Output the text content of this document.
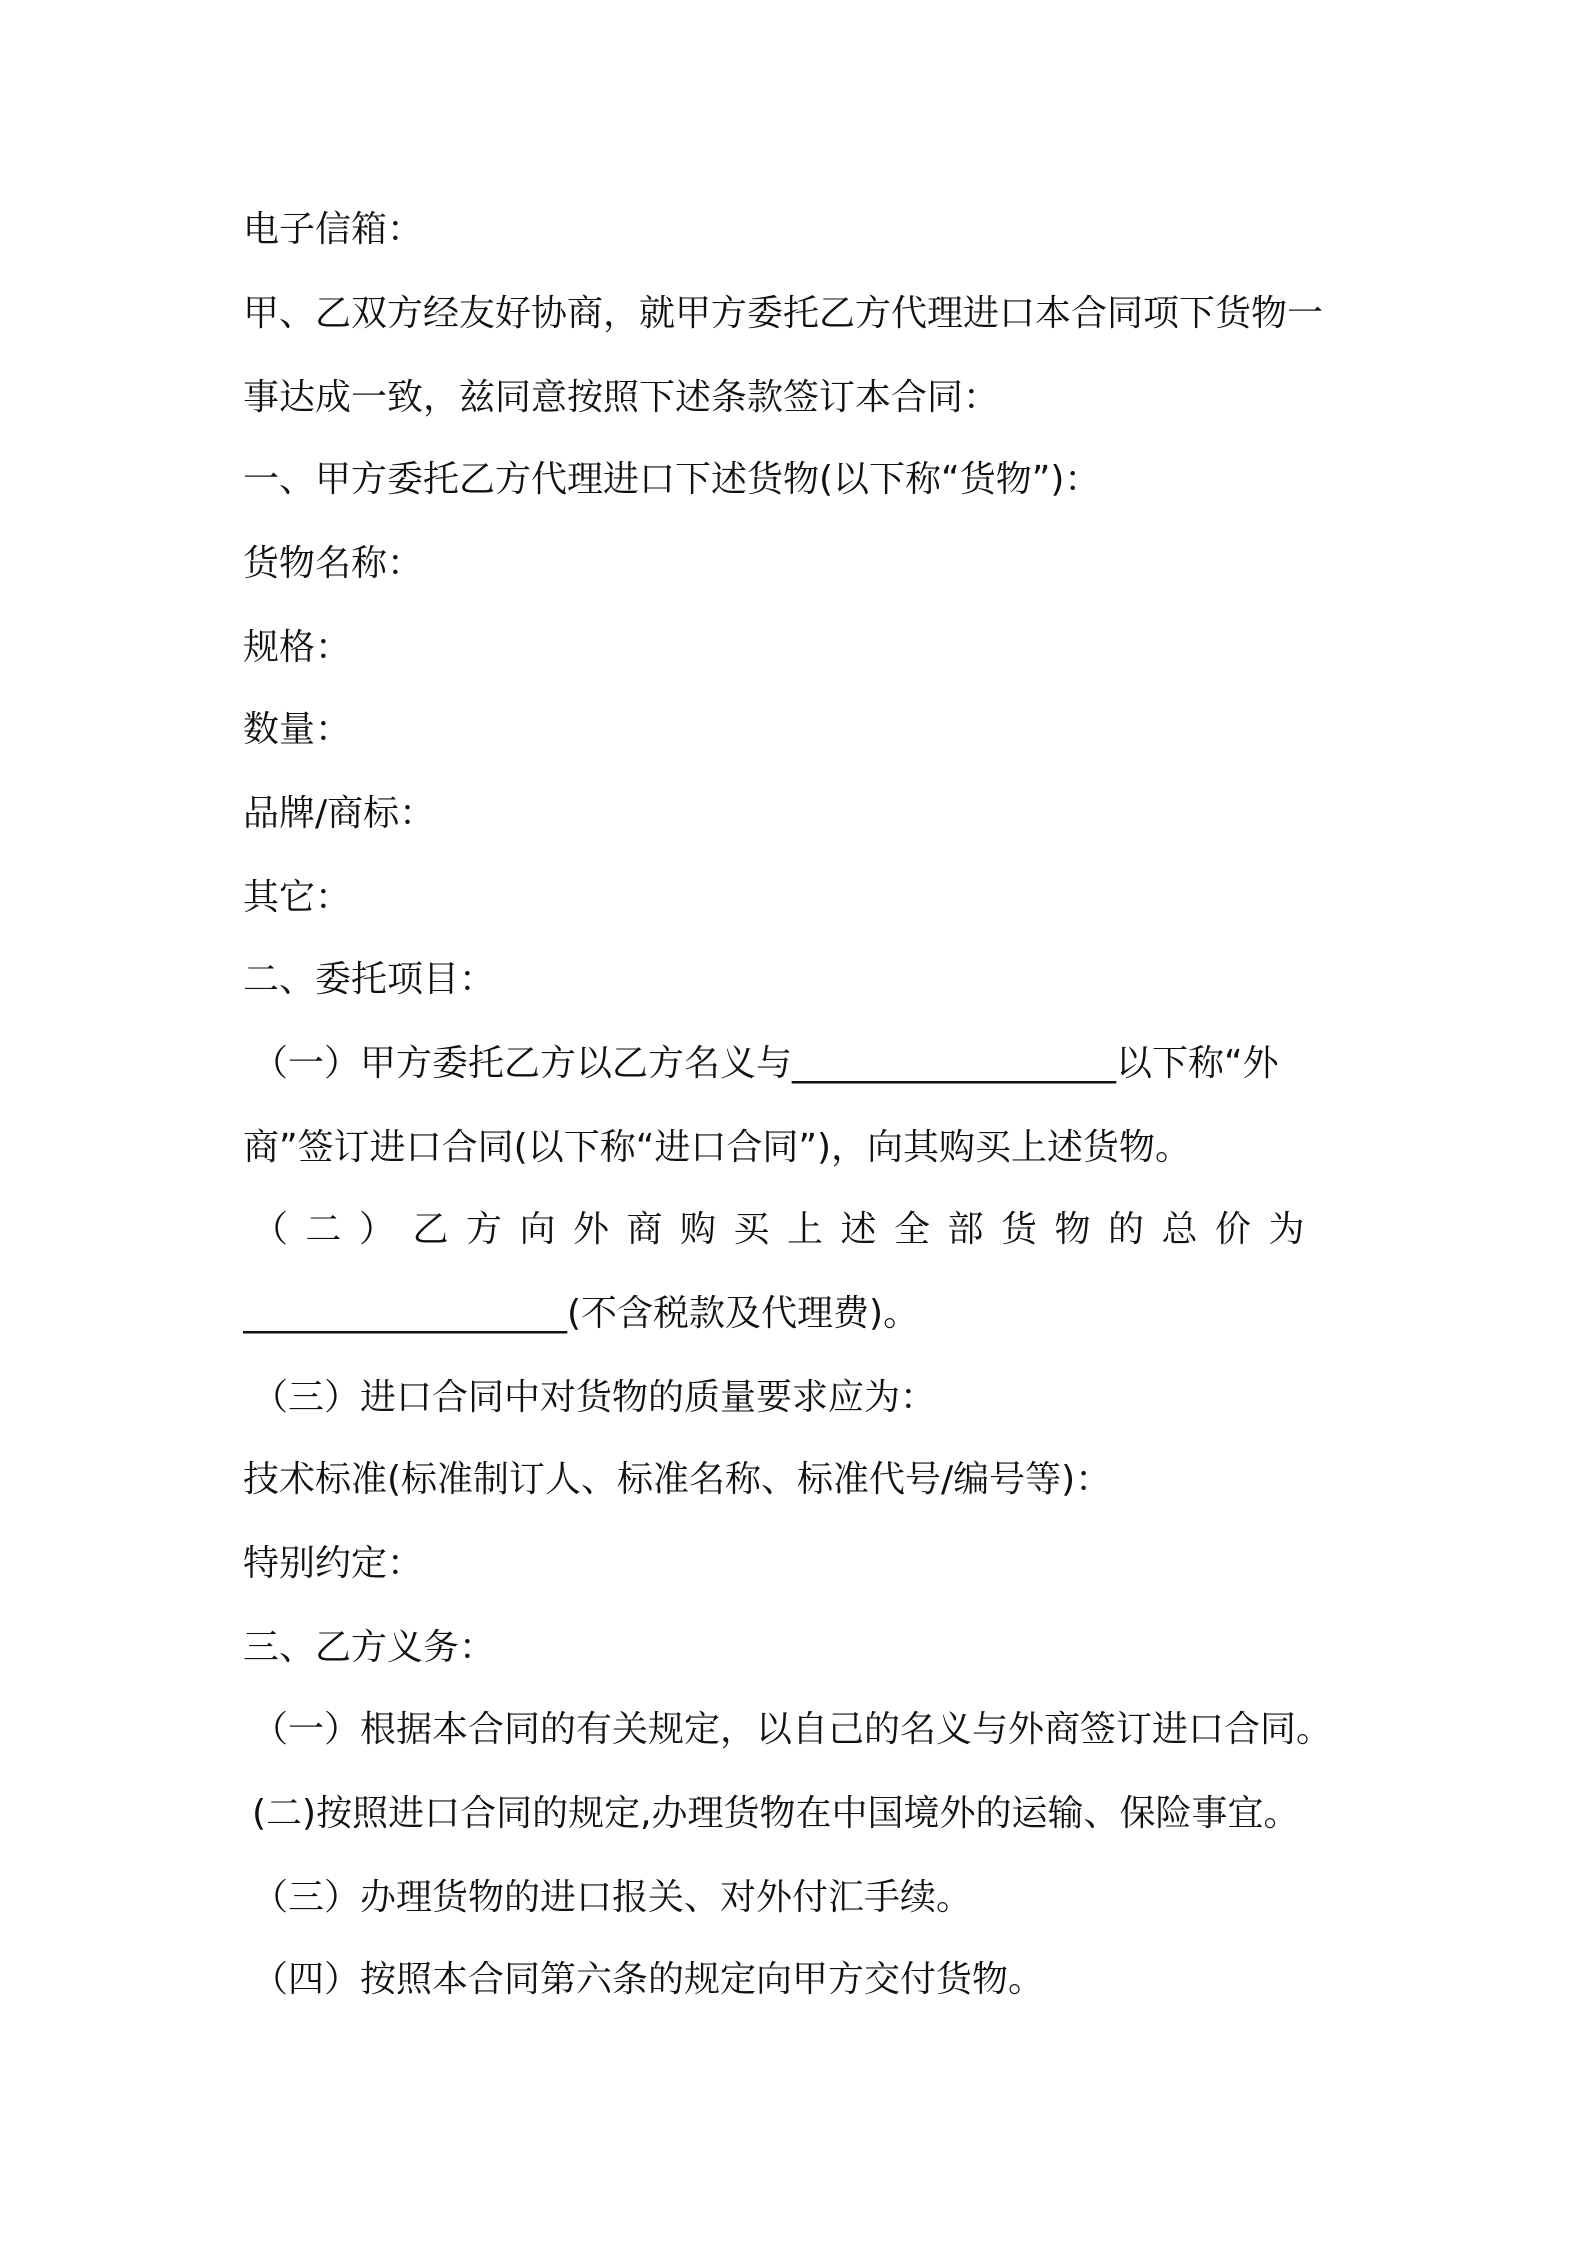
电子信箱：
甲、乙双方经友好协商，就甲方委托乙方代理进口本合同项下货物一
事达成一致，兹同意按照下述条款签订本合同：
一、甲方委托乙方代理进口下述货物(以下称“货物”)：
货物名称：
规格：
数量：
品牌/商标：
其它：
二、委托项目：
（一）甲方委托乙方以乙方名义与__________________以下称“外
商”签订进口合同(以下称“进口合同”)，向其购买上述货物。
（二）乙方向外商购买上述全部货物的总价为
__________________(不含税款及代理费)。
（三）进口合同中对货物的质量要求应为：
技术标准(标准制订人、标准名称、标准代号/编号等)：
特别约定：
三、乙方义务：
（一）根据本合同的有关规定，以自己的名义与外商签订进口合同。
(二)按照进口合同的规定,办理货物在中国境外的运输、保险事宜。
（三）办理货物的进口报关、对外付汇手续。
（四）按照本合同第六条的规定向甲方交付货物。
